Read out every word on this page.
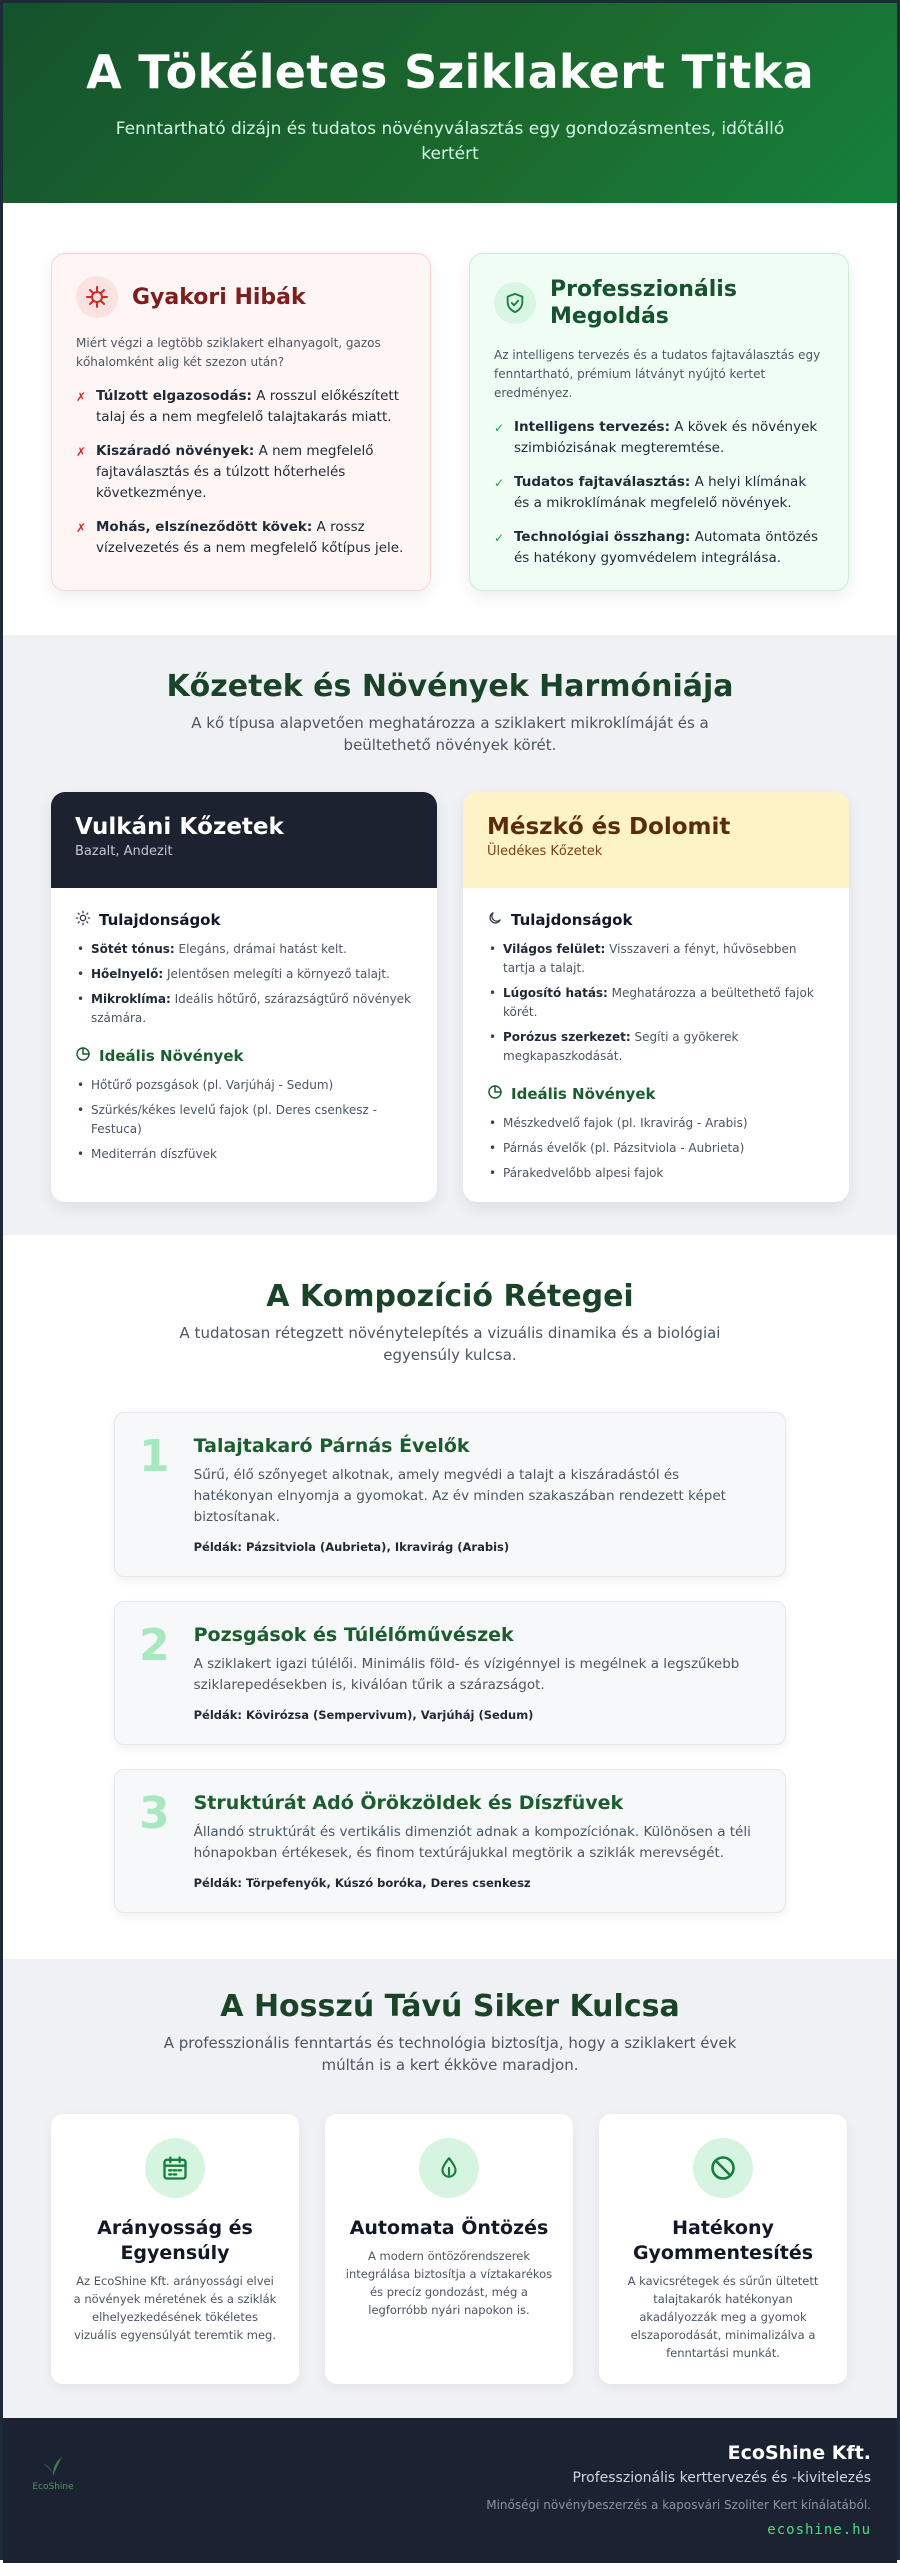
A Tökéletes Sziklakert Titka

Fenntartható dizájn és tudatos növényválasztás egy gondozásmentes, időtálló kertért

Gyakori Hibák

Miért végzi a legtöbb sziklakert elhanyagolt, gazos kőhalomként alig két szezon után?

✗ Túlzott elgazosodás: A rosszul előkészített talaj és a nem megfelelő talajtakarás miatt.
✗ Kiszáradó növények: A nem megfelelő fajtaválasztás és a túlzott hőterhelés következménye.
✗ Mohás, elszíneződött kövek: A rossz vízelvezetés és a nem megfelelő kőtípus jele.
Professzionális Megoldás

Az intelligens tervezés és a tudatos fajtaválasztás egy fenntartható, prémium látványt nyújtó kertet eredményez.

✓ Intelligens tervezés: A kövek és növények szimbiózisának megteremtése.
✓ Tudatos fajtaválasztás: A helyi klímának és a mikroklímának megfelelő növények.
✓ Technológiai összhang: Automata öntözés és hatékony gyomvédelem integrálása.
Kőzetek és Növények Harmóniája

A kő típusa alapvetően meghatározza a sziklakert mikroklímáját és a beültethető növények körét.

Vulkáni Kőzetek
Bazalt, Andezit
Tulajdonságok
• Sötét tónus: Elegáns, drámai hatást kelt.
• Hőelnyelő: Jelentősen melegíti a környező talajt.
• Mikroklíma: Ideális hőtűrő, szárazságtűrő növények számára.
Ideális Növények
• Hőtűrő pozsgások (pl. Varjúháj - Sedum)
• Szürkés/kékes levelű fajok (pl. Deres csenkesz - Festuca)
• Mediterrán díszfüvek
Mészkő és Dolomit
Üledékes Kőzetek
Tulajdonságok
• Világos felület: Visszaveri a fényt, hűvösebben tartja a talajt.
• Lúgosító hatás: Meghatározza a beültethető fajok körét.
• Porózus szerkezet: Segíti a gyökerek megkapaszkodását.
Ideális Növények
• Mészkedvelő fajok (pl. Ikravirág - Arabis)
• Párnás évelők (pl. Pázsitviola - Aubrieta)
• Párakedvelőbb alpesi fajok
A Kompozíció Rétegei

A tudatosan rétegzett növénytelepítés a vizuális dinamika és a biológiai egyensúly kulcsa.

1 Talajtakaró Párnás Évelők
Sűrű, élő szőnyeget alkotnak, amely megvédi a talajt a kiszáradástól és hatékonyan elnyomja a gyomokat. Az év minden szakaszában rendezett képet biztosítanak.
Példák: Pázsitviola (Aubrieta), Ikravirág (Arabis)
2 Pozsgások és Túlélőművészek
A sziklakert igazi túlélői. Minimális föld- és vízigénnyel is megélnek a legszűkebb sziklarepedésekben is, kiválóan tűrik a szárazságot.
Példák: Kövirózsa (Sempervivum), Varjúháj (Sedum)
3 Struktúrát Adó Örökzöldek és Díszfüvek
Állandó struktúrát és vertikális dimenziót adnak a kompozíciónak. Különösen a téli hónapokban értékesek, és finom textúrájukkal megtörik a sziklák merevségét.
Példák: Törpefenyők, Kúszó boróka, Deres csenkesz
A Hosszú Távú Siker Kulcsa

A professzionális fenntartás és technológia biztosítja, hogy a sziklakert évek múltán is a kert ékköve maradjon.

Arányosság és Egyensúly
Az EcoShine Kft. arányossági elvei a növények méretének és a sziklák elhelyezkedésének tökéletes vizuális egyensúlyát teremtik meg.
Automata Öntözés
A modern öntözőrendszerek integrálása biztosítja a víztakarékos és precíz gondozást, még a legforróbb nyári napokon is.
Hatékony Gyommentesítés
A kavicsrétegek és sűrűn ültetett talajtakarók hatékonyan akadályozzák meg a gyomok elszaporodását, minimalizálva a fenntartási munkát.
EcoShine
EcoShine Kft.
Professzionális kerttervezés és -kivitelezés
Minőségi növénybeszerzés a kaposvári Szoliter Kert kínálatából.
ecoshine.hu
